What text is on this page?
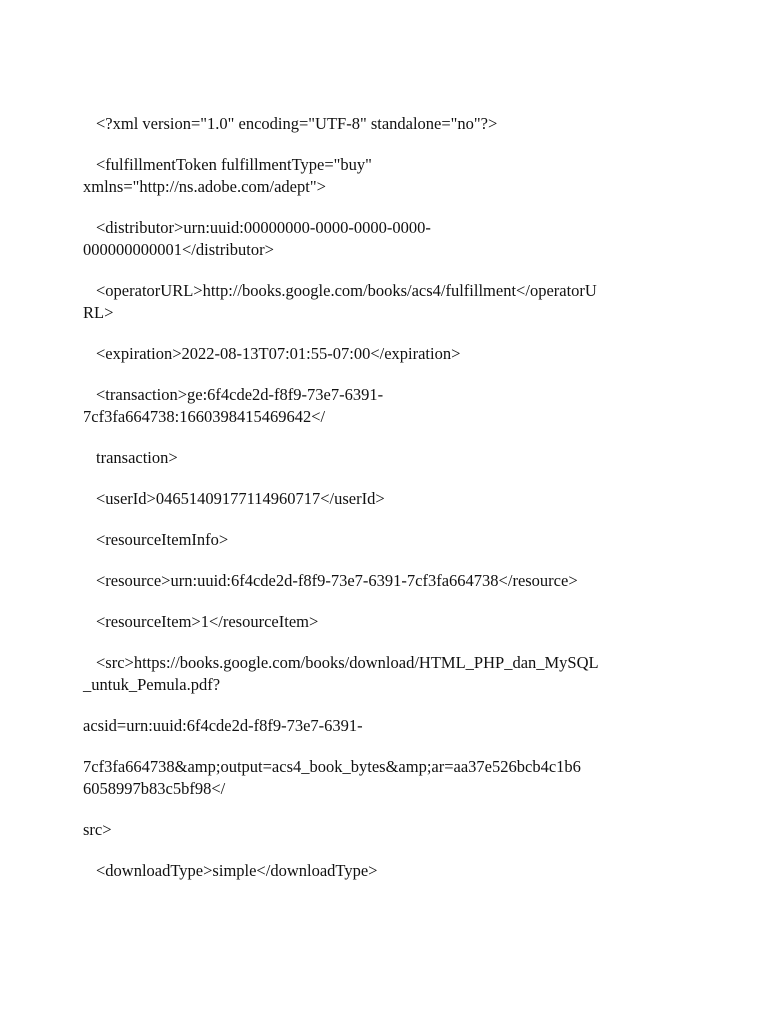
<?xml version="1.0" encoding="UTF-8" standalone="no"?>
<fulfillmentToken fulfillmentType="buy"
xmlns="http://ns.adobe.com/adept">
<distributor>urn:uuid:00000000-0000-0000-0000-
000000000001</distributor>
<operatorURL>http://books.google.com/books/acs4/fulfillment</operatorU
RL>
<expiration>2022-08-13T07:01:55-07:00</expiration>
<transaction>ge:6f4cde2d-f8f9-73e7-6391-
7cf3fa664738:1660398415469642</
transaction>
<userId>04651409177114960717</userId>
<resourceItemInfo>
<resource>urn:uuid:6f4cde2d-f8f9-73e7-6391-7cf3fa664738</resource>
<resourceItem>1</resourceItem>
<src>https://books.google.com/books/download/HTML_PHP_dan_MySQL
_untuk_Pemula.pdf?
acsid=urn:uuid:6f4cde2d-f8f9-73e7-6391-
7cf3fa664738&amp;output=acs4_book_bytes&amp;ar=aa37e526bcb4c1b6
6058997b83c5bf98</
src>
<downloadType>simple</downloadType>
